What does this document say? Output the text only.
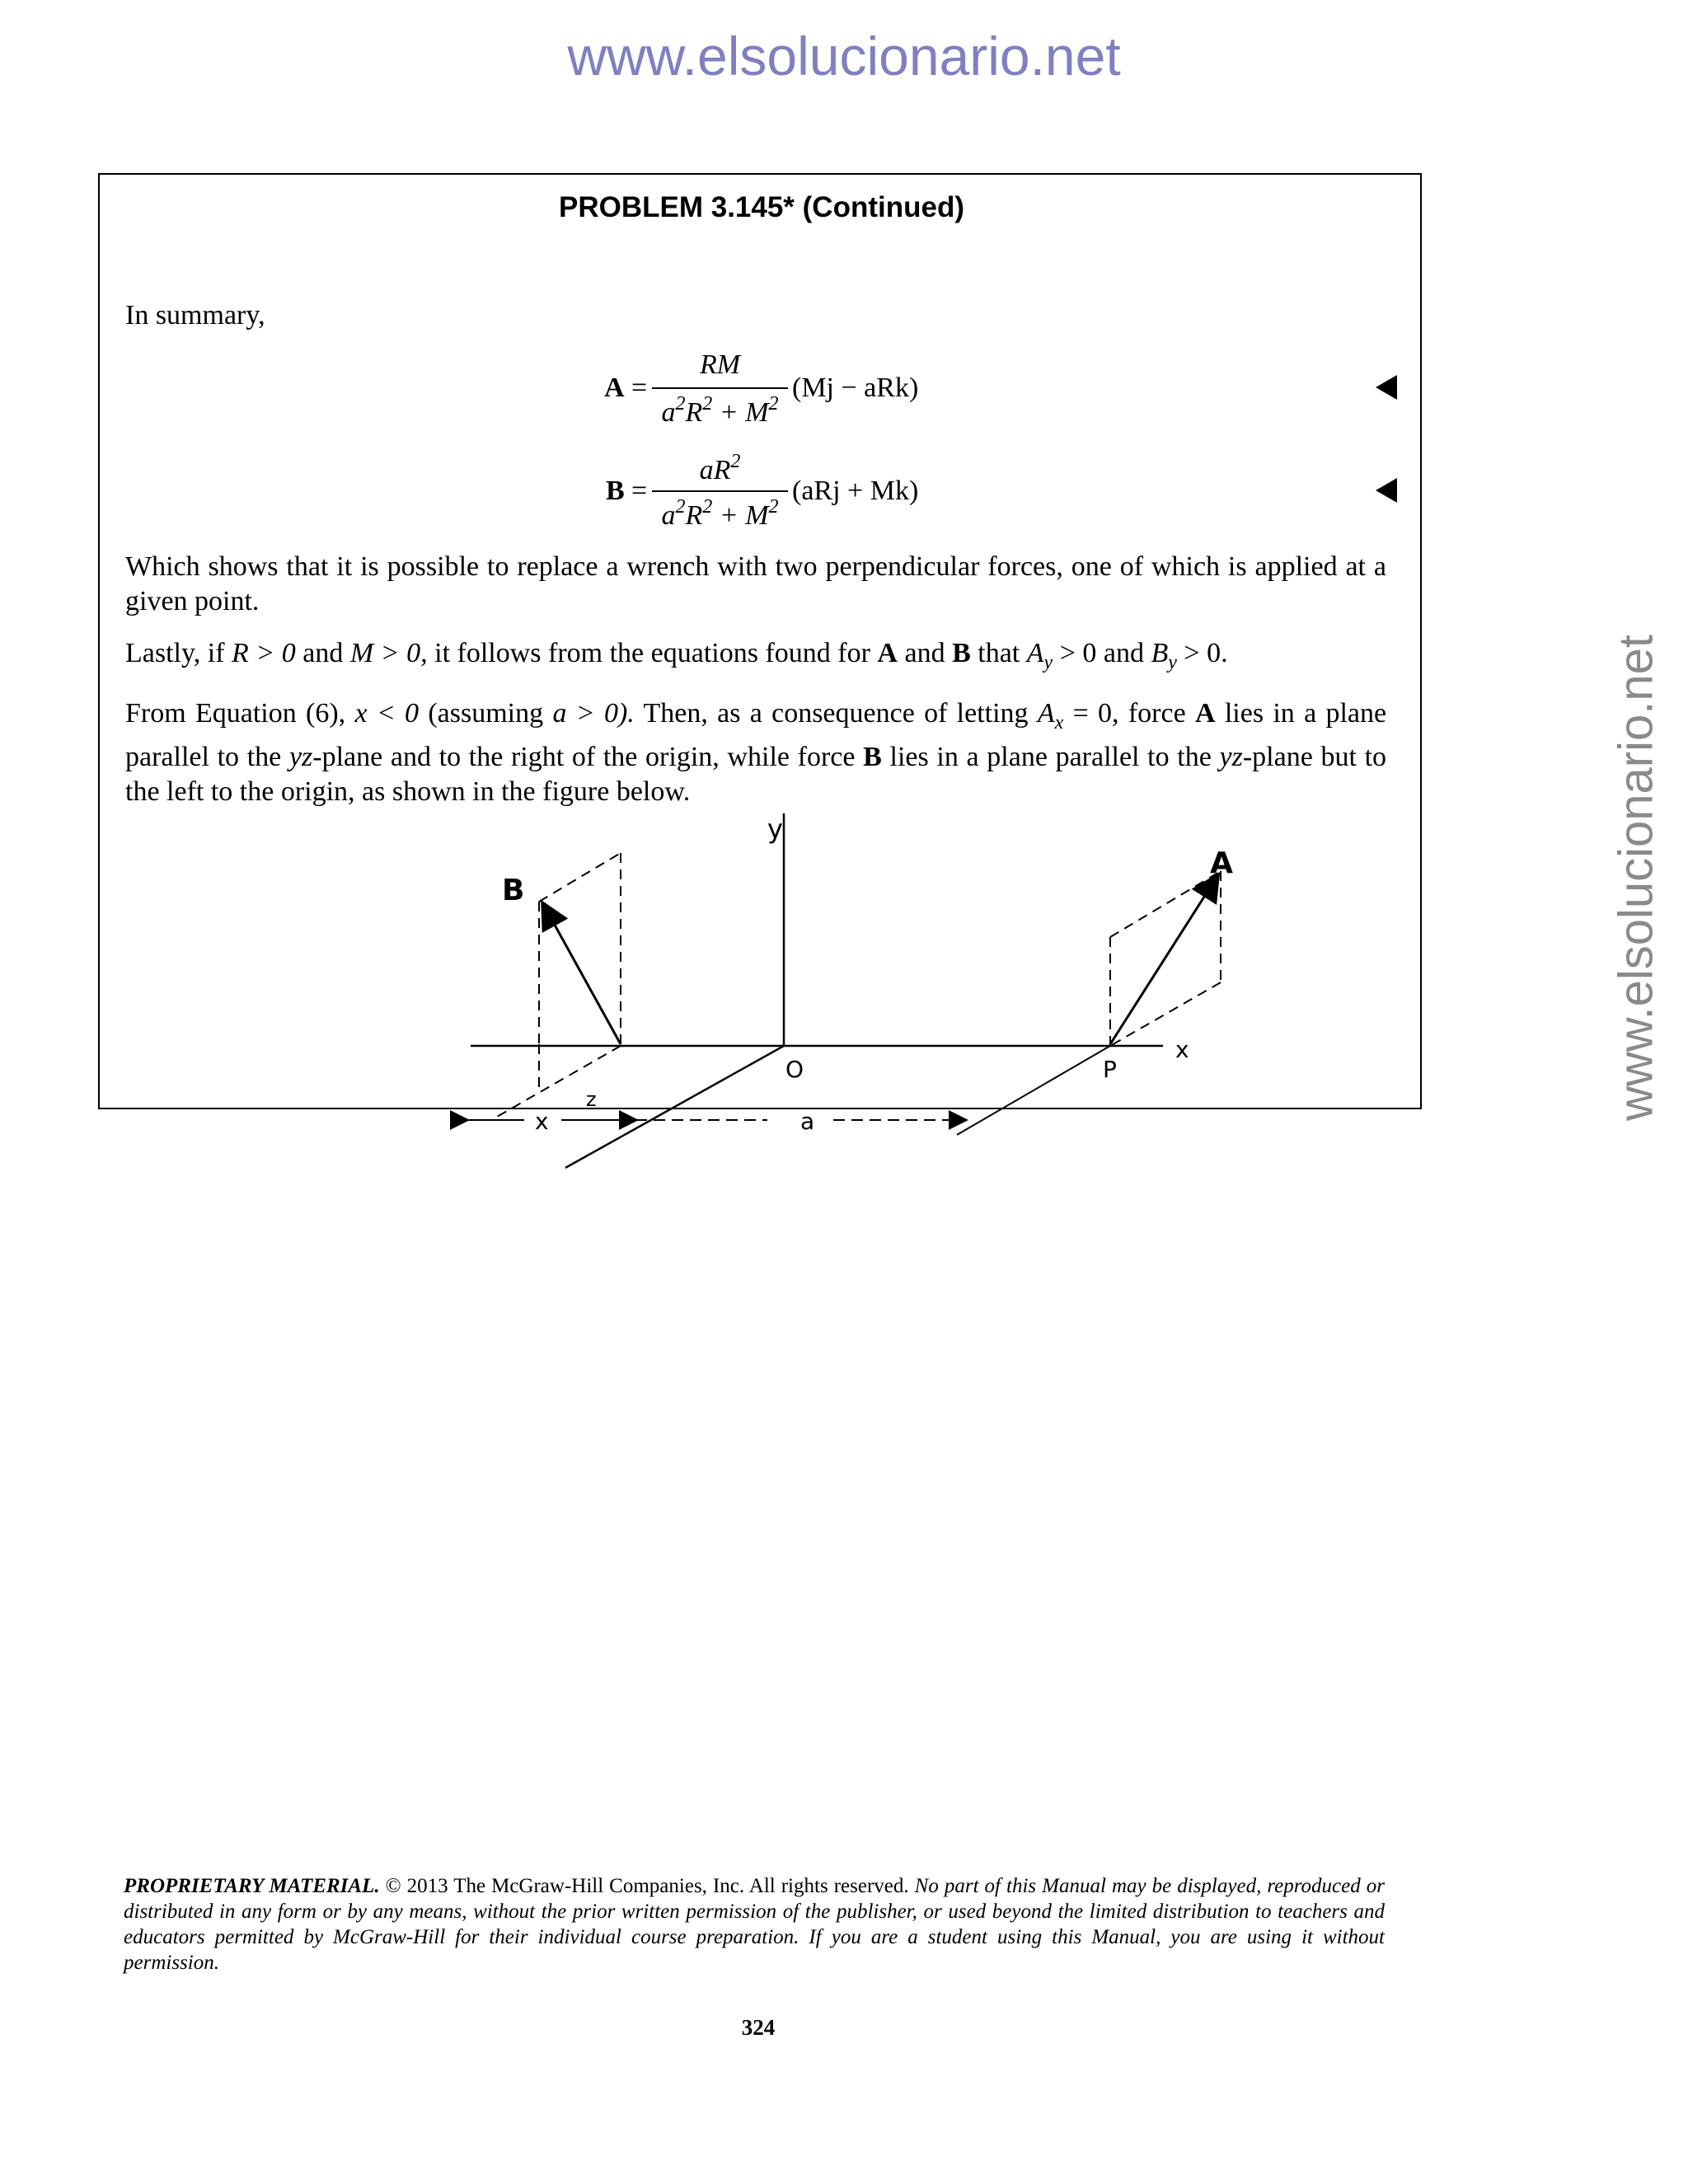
www.elsolucionario.net
www.elsolucionario.net
PROBLEM 3.145* (Continued)
In summary,
A =
RM
$a^2R^2 + M^2$
(Mj − aRk)
B =
$aR^2$
$a^2R^2 + M^2$
(aRj + Mk)
Which shows that it is possible to replace a wrench with two perpendicular forces, one of which is applied at a given point.
Lastly, if R > 0 and M > 0, it follows from the equations found for A and B that $A_y > 0$ and $B_y > 0$.
From Equation (6), x < 0 (assuming a > 0). Then, as a consequence of letting $A_x = 0$, force A lies in a plane parallel to the yz-plane and to the right of the origin, while force B lies in a plane parallel to the yz-plane but to the left to the origin, as shown in the figure below.
y
A
B
O	P
x
x	a
z
PROPRIETARY MATERIAL. © 2013 The McGraw-Hill Companies, Inc. All rights reserved. No part of this Manual may be displayed, reproduced or distributed in any form or by any means, without the prior written permission of the publisher, or used beyond the limited distribution to teachers and educators permitted by McGraw-Hill for their individual course preparation. If you are a student using this Manual, you are using it without permission.
324
